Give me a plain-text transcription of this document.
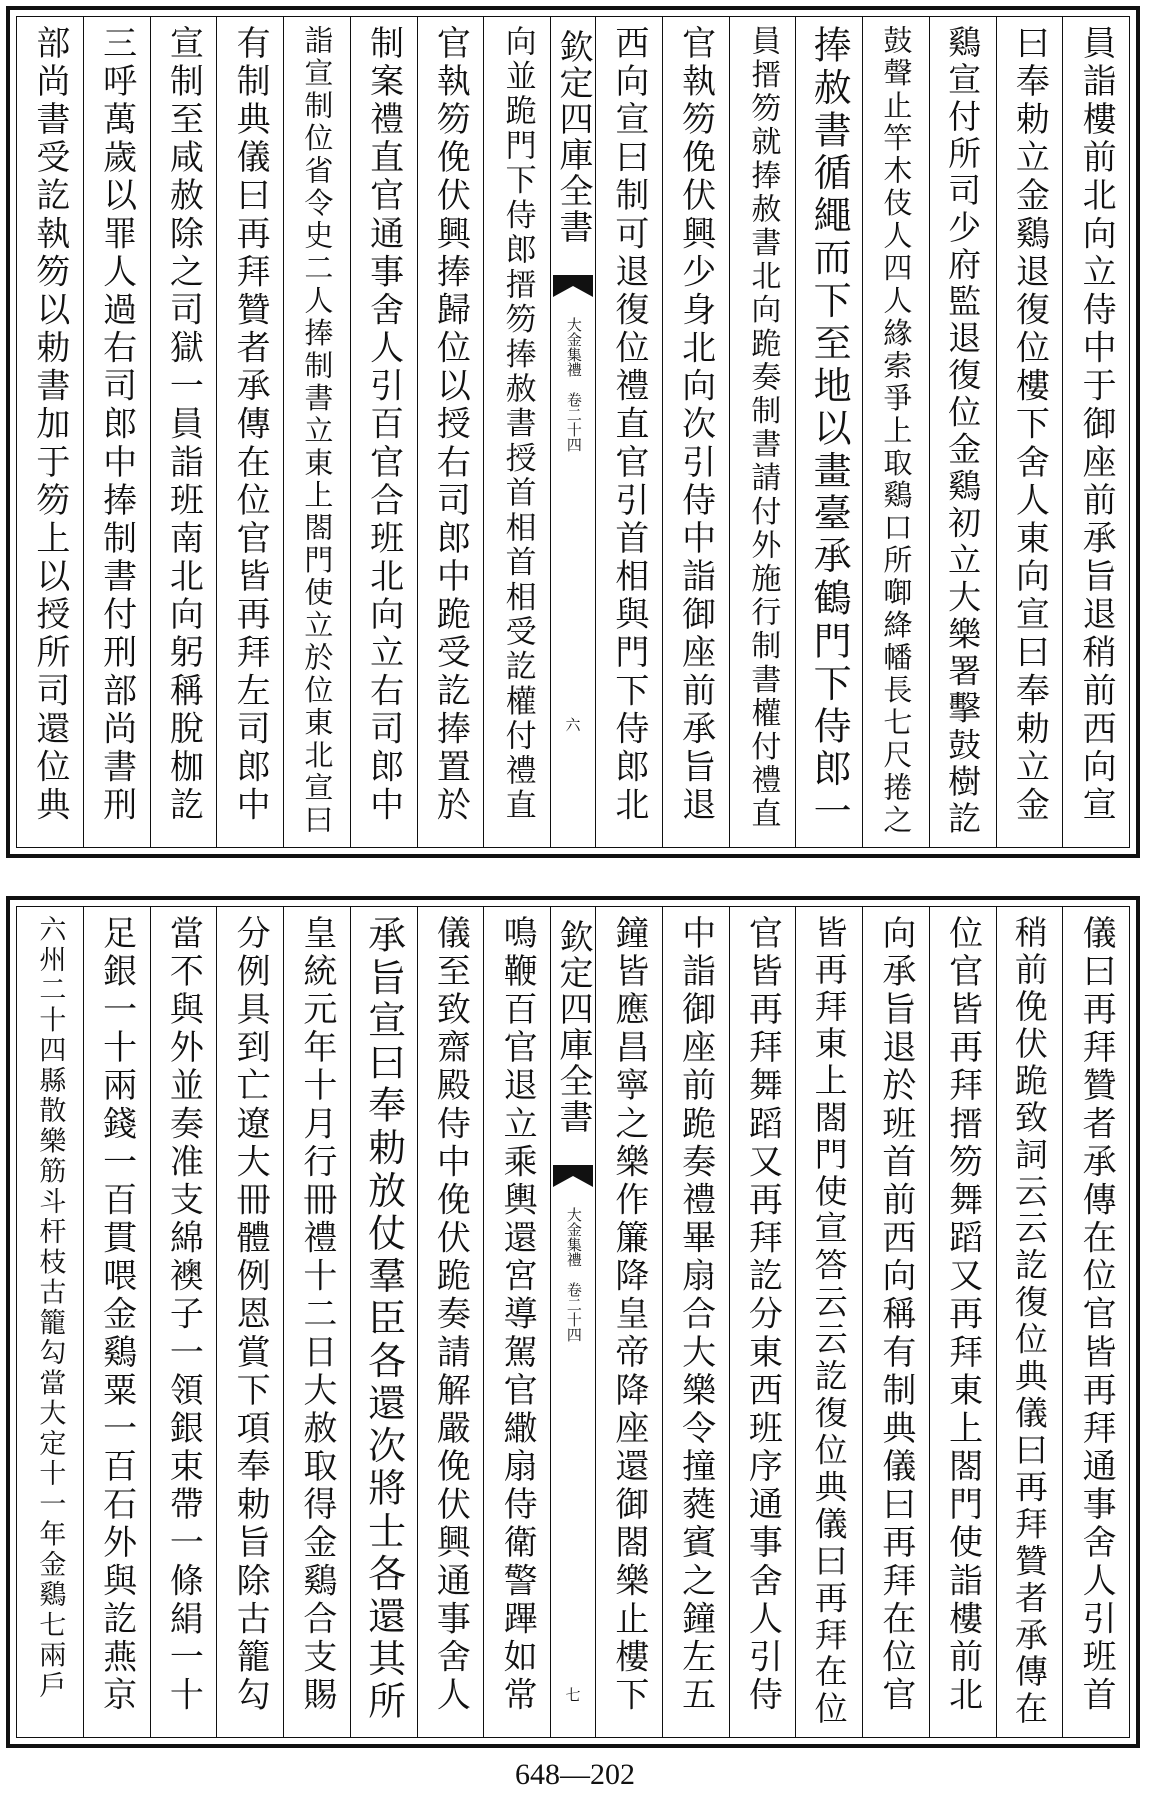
員詣樓前北向立侍中于御座前承旨退稍前西向宣
曰奉勅立金鷄退復位樓下舍人東向宣曰奉勅立金
鷄宣付所司少府監退復位金鷄初立大樂署擊鼓樹訖
鼓聲止竿木伎人四人緣索爭上取鷄口所啣絳幡長七尺捲之
捧赦書循繩而下至地以畫臺承鶴門下侍郎一
員搢笏就捧赦書北向跪奏制書請付外施行制書權付禮直
官執笏俛伏興少身北向次引侍中詣御座前承旨退
西向宣曰制可退復位禮直官引首相與門下侍郎北
欽定四庫全書
大金集禮　卷二十四
六
向並跪門下侍郎搢笏捧赦書授首相首相受訖權付禮直
官執笏俛伏興捧歸位以授右司郎中跪受訖捧置於
制案禮直官通事舍人引百官合班北向立右司郎中
詣宣制位省令史二人捧制書立東上閤門使立於位東北宣曰
有制典儀曰再拜贊者承傳在位官皆再拜左司郎中
宣制至咸赦除之司獄一員詣班南北向躬稱脫枷訖
三呼萬歲以罪人過右司郎中捧制書付刑部尚書刑
部尚書受訖執笏以勅書加于笏上以授所司還位典
儀曰再拜贊者承傳在位官皆再拜通事舍人引班首
稍前俛伏跪致詞云云訖復位典儀曰再拜贊者承傳在
位官皆再拜搢笏舞蹈又再拜東上閤門使詣樓前北
向承旨退於班首前西向稱有制典儀曰再拜在位官
皆再拜東上閤門使宣答云云訖復位典儀曰再拜在位
官皆再拜舞蹈又再拜訖分東西班序通事舍人引侍
中詣御座前跪奏禮畢扇合大樂令撞蕤賓之鐘左五
鐘皆應昌寧之樂作簾降皇帝降座還御閤樂止樓下
欽定四庫全書
大金集禮　卷二十四
七
鳴鞭百官退立乘輿還宮導駕官繖扇侍衛警蹕如常
儀至致齋殿侍中俛伏跪奏請解嚴俛伏興通事舍人
承旨宣曰奉勅放仗羣臣各還次將士各還其所
皇統元年十月行冊禮十二日大赦取得金鷄合支賜
分例具到亡遼大冊體例恩賞下項奉勅旨除古籠勾
當不與外並奏准支綿襖子一領銀束帶一條絹一十
足銀一十兩錢一百貫喂金鷄粟一百石外與訖燕京
六州二十四縣散樂筋斗杆枝古籠勾當大定十一年金鷄七兩戶
648—202
